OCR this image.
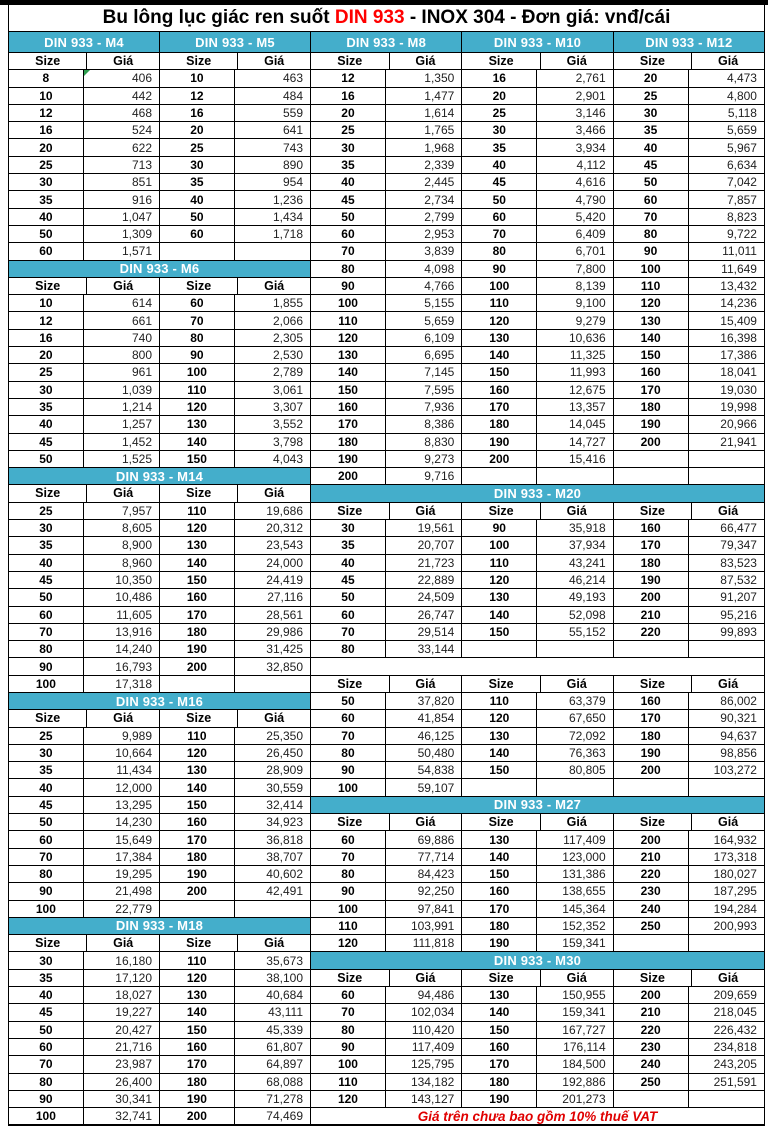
Bu lông lục giác ren suốt DIN 933 - INOX 304 - Đơn giá: vnđ/cái
DIN 933 - M4	DIN 933 - M5
Size	Giá	Size	Giá
8	406	10	463
10	442	12	484
12	468	16	559
16	524	20	641
20	622	25	743
25	713	30	890
30	851	35	954
35	916	40	1,236
40	1,047	50	1,434
50	1,309	60	1,718
60	1,571
DIN 933 - M6
Size	Giá	Size	Giá
10	614	60	1,855
12	661	70	2,066
16	740	80	2,305
20	800	90	2,530
25	961	100	2,789
30	1,039	110	3,061
35	1,214	120	3,307
40	1,257	130	3,552
45	1,452	140	3,798
50	1,525	150	4,043
DIN 933 - M14
Size	Giá	Size	Giá
25	7,957	110	19,686
30	8,605	120	20,312
35	8,900	130	23,543
40	8,960	140	24,000
45	10,350	150	24,419
50	10,486	160	27,116
60	11,605	170	28,561
70	13,916	180	29,986
80	14,240	190	31,425
90	16,793	200	32,850
100	17,318
DIN 933 - M16
Size	Giá	Size	Giá
25	9,989	110	25,350
30	10,664	120	26,450
35	11,434	130	28,909
40	12,000	140	30,559
45	13,295	150	32,414
50	14,230	160	34,923
60	15,649	170	36,818
70	17,384	180	38,707
80	19,295	190	40,602
90	21,498	200	42,491
100	22,779
DIN 933 - M18
Size	Giá	Size	Giá
30	16,180	110	35,673
35	17,120	120	38,100
40	18,027	130	40,684
45	19,227	140	43,111
50	20,427	150	45,339
60	21,716	160	61,807
70	23,987	170	64,897
80	26,400	180	68,088
90	30,341	190	71,278
100	32,741	200	74,469
DIN 933 - M8	DIN 933 - M10	DIN 933 - M12
Size	Giá	Size	Giá	Size	Giá
12	1,350	16	2,761	20	4,473
16	1,477	20	2,901	25	4,800
20	1,614	25	3,146	30	5,118
25	1,765	30	3,466	35	5,659
30	1,968	35	3,934	40	5,967
35	2,339	40	4,112	45	6,634
40	2,445	45	4,616	50	7,042
45	2,734	50	4,790	60	7,857
50	2,799	60	5,420	70	8,823
60	2,953	70	6,409	80	9,722
70	3,839	80	6,701	90	11,011
80	4,098	90	7,800	100	11,649
90	4,766	100	8,139	110	13,432
100	5,155	110	9,100	120	14,236
110	5,659	120	9,279	130	15,409
120	6,109	130	10,636	140	16,398
130	6,695	140	11,325	150	17,386
140	7,145	150	11,993	160	18,041
150	7,595	160	12,675	170	19,030
160	7,936	170	13,357	180	19,998
170	8,386	180	14,045	190	20,966
180	8,830	190	14,727	200	21,941
190	9,273	200	15,416
200	9,716
DIN 933 - M20
Size	Giá	Size	Giá	Size	Giá
30	19,561	90	35,918	160	66,477
35	20,707	100	37,934	170	79,347
40	21,723	110	43,241	180	83,523
45	22,889	120	46,214	190	87,532
50	24,509	130	49,193	200	91,207
60	26,747	140	52,098	210	95,216
70	29,514	150	55,152	220	99,893
80	33,144
Size	Giá	Size	Giá	Size	Giá
50	37,820	110	63,379	160	86,002
60	41,854	120	67,650	170	90,321
70	46,125	130	72,092	180	94,637
80	50,480	140	76,363	190	98,856
90	54,838	150	80,805	200	103,272
100	59,107
DIN 933 - M27
Size	Giá	Size	Giá	Size	Giá
60	69,886	130	117,409	200	164,932
70	77,714	140	123,000	210	173,318
80	84,423	150	131,386	220	180,027
90	92,250	160	138,655	230	187,295
100	97,841	170	145,364	240	194,284
110	103,991	180	152,352	250	200,993
120	111,818	190	159,341
DIN 933 - M30
Size	Giá	Size	Giá	Size	Giá
60	94,486	130	150,955	200	209,659
70	102,034	140	159,341	210	218,045
80	110,420	150	167,727	220	226,432
90	117,409	160	176,114	230	234,818
100	125,795	170	184,500	240	243,205
110	134,182	180	192,886	250	251,591
120	143,127	190	201,273
Giá trên chưa bao gồm 10% thuế VAT
